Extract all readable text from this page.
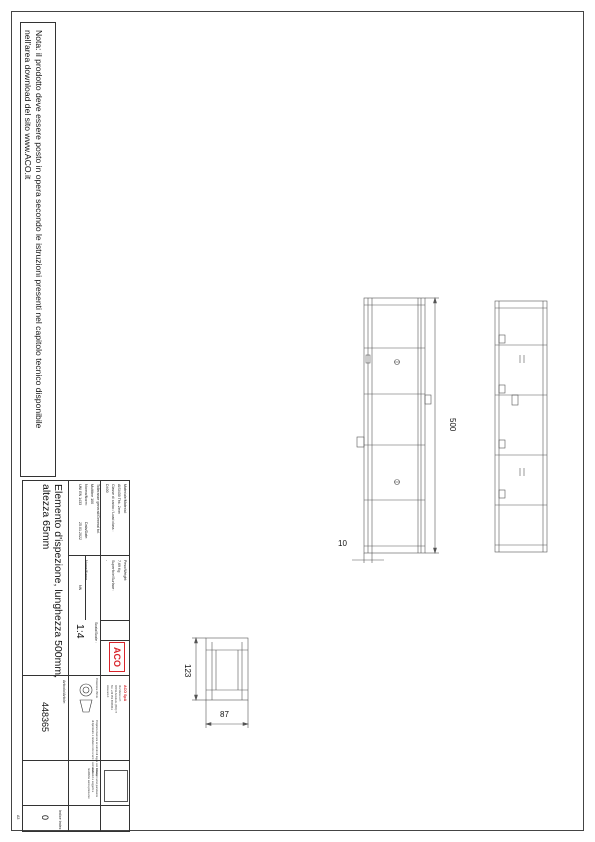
Nota: il prodotto deve essere posto in opera secondo le istruzioni presenti nel capitolo tecnico disponibile
nell'area download del sito www.ACO.it
500
10
123
87
Materiale/Material:
AISI430 Thk. 2mm
Classe di carico / Load class :
D400
Peso/Weight:
7,69 Kg
Superficie/Surface :
-
Tolleranze generali/General tol.
Multiline 100
Norma/Norm:
UNI EN 1433
Data/Date:
25.01.2022
Nome/Name
NN
Scala/Scale :
1:4
Elemento d'ispezione, lunghezza 500mm,
altezza 65mm
ACO
ACO SpA
Via Marco e P.
40011 Anzola E. (BO) IT
Tel. +39 051 6506011
www.aco.it
Proiezione ISO-E
Proprietà riservata ai termini di legge con divieto
di riprodurre o rendere noto a terzi il contenuto
I disegni sono puramente
indicativi e soggetti a
modifiche senza preavviso
Articolo/Article:
448365
Indice Index
0
A3
